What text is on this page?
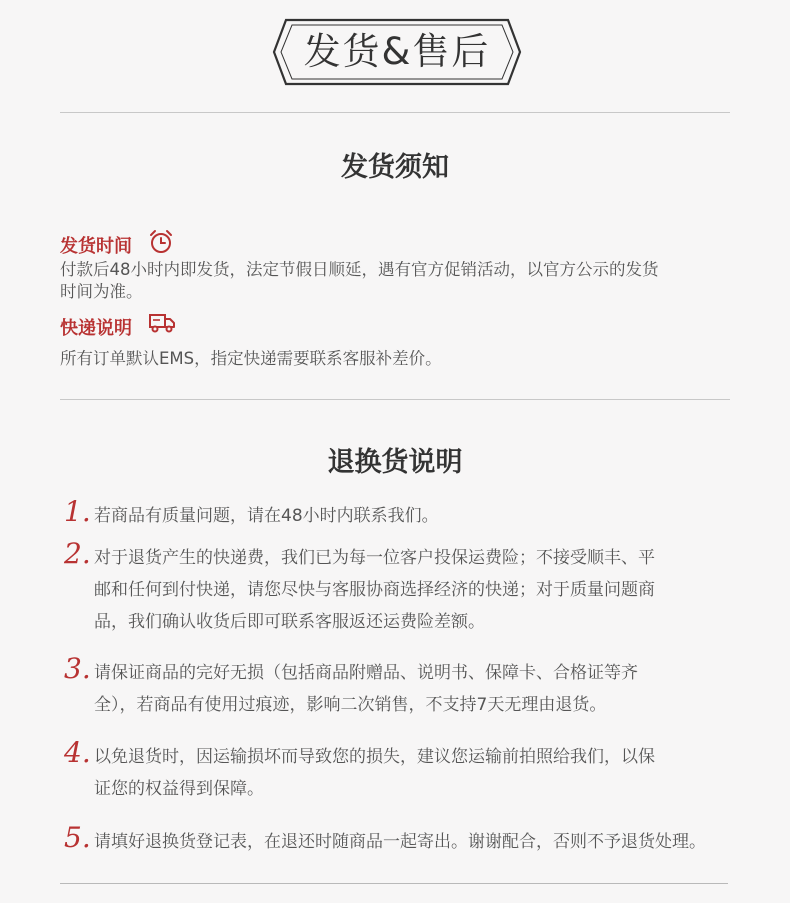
发货&售后
发货须知
发货时间
付款后48小时内即发货，法定节假日顺延，遇有官方促销活动，以官方公示的发货
时间为准。
快递说明
所有订单默认EMS，指定快递需要联系客服补差价。
退换货说明
1. 若商品有质量问题，请在48小时内联系我们。
2. 对于退货产生的快递费，我们已为每一位客户投保运费险；不接受顺丰、平
邮和任何到付快递，请您尽快与客服协商选择经济的快递；对于质量问题商
品，我们确认收货后即可联系客服返还运费险差额。
3. 请保证商品的完好无损（包括商品附赠品、说明书、保障卡、合格证等齐
全），若商品有使用过痕迹，影响二次销售，不支持7天无理由退货。
4. 以免退货时，因运输损坏而导致您的损失，建议您运输前拍照给我们，以保
证您的权益得到保障。
5. 请填好退换货登记表，在退还时随商品一起寄出。谢谢配合，否则不予退货处理。
